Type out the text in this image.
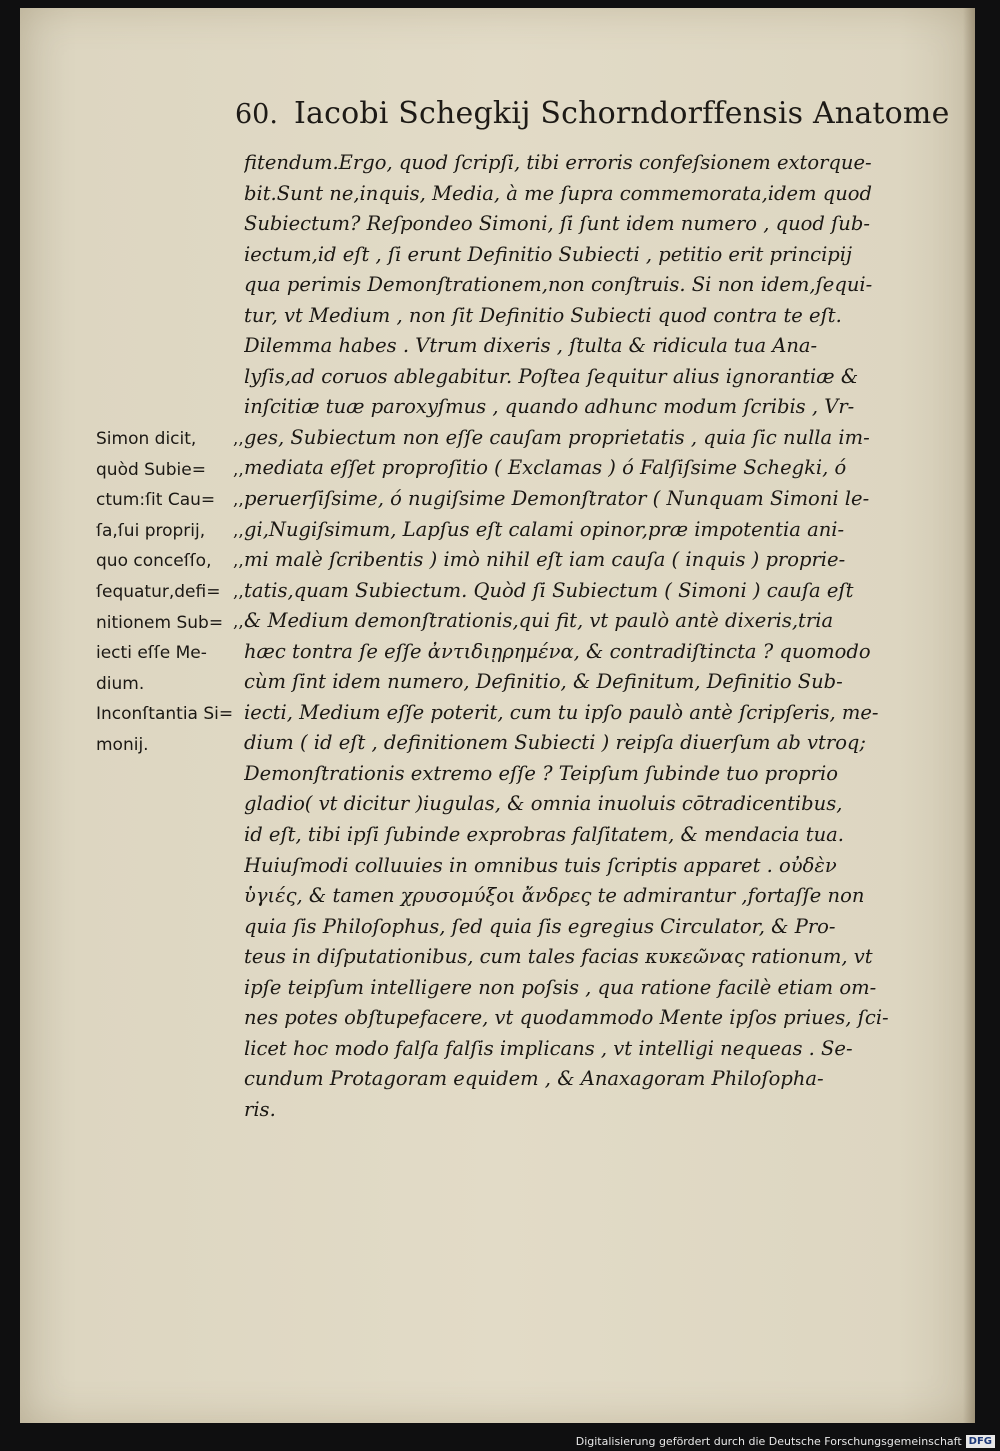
60. Iacobi Schegkij Schorndorffensis Anatome
fitendum.Ergo, quod ſcripſi, tibi erroris confeſsionem extorque-
bit.Sunt ne,inquis, Media, à me ſupra commemorata,idem quod
Subiectum? Reſpondeo Simoni, ſi ſunt idem numero , quod ſub-
iectum,id eſt , ſi erunt Definitio Subiecti , petitio erit principij
qua perimis Demonſtrationem,non conſtruis. Si non idem,ſequi-
tur, vt Medium , non ſit Definitio Subiecti quod contra te eſt.
Dilemma habes . Vtrum dixeris , ſtulta & ridicula tua Ana-
lyſis,ad coruos ablegabitur. Poſtea ſequitur alius ignorantiæ &
inſcitiæ tuæ paroxyſmus , quando adhunc modum ſcribis , Vr-
ges, Subiectum non eſſe cauſam proprietatis , quia ſic nulla im-
mediata eſſet proproſitio ( Exclamas ) ó Falſiſsime Schegki, ó
peruerſiſsime, ó nugiſsime Demonſtrator ( Nunquam Simoni le-
gi,Nugiſsimum, Lapſus eſt calami opinor,præ impotentia ani-
mi malè ſcribentis ) imò nihil eſt iam cauſa ( inquis ) proprie-
tatis,quam Subiectum. Quòd ſi Subiectum ( Simoni ) cauſa eſt
& Medium demonſtrationis,qui fit, vt paulò antè dixeris,tria
hæc tontra ſe eſſe ἀντιδιῃρημένα, & contradiſtincta ? quomodo
cùm ſint idem numero, Definitio, & Definitum, Definitio Sub-
iecti, Medium eſſe poterit, cum tu ipſo paulò antè ſcripſeris, me-
dium ( id eſt , definitionem Subiecti ) reipſa diuerſum ab vtroq;
Demonſtrationis extremo eſſe ? Teipſum ſubinde tuo proprio
gladio( vt dicitur )iugulas, & omnia inuoluis cōtradicentibus,
id eſt, tibi ipſi ſubinde exprobras falſitatem, & mendacia tua.
Huiuſmodi colluuies in omnibus tuis ſcriptis apparet . οὐδὲν
ὑγιές, & tamen χρυσομύξοι ἄνδρες te admirantur ,fortaſſe non
quia ſis Philoſophus, ſed quia ſis egregius Circulator, & Pro-
teus in diſputationibus, cum tales facias κυκεῶνας rationum, vt
ipſe teipſum intelligere non poſsis , qua ratione facilè etiam om-
nes potes obſtupefacere, vt quodammodo Mente ipſos priues, ſci-
licet hoc modo falſa falſis implicans , vt intelligi nequeas . Se-
cundum Protagoram equidem , & Anaxagoram Philoſopha-
ris.
,,
,,
,,
,,
,,
,,
,,
Simon dicit,
quòd Subie=
ctum:ſit Cau=
ſa,ſui proprij,
quo conceſſo,
ſequatur,defi=
nitionem Sub=
iecti eſſe Me-
dium.
Inconſtantia Si=
monij.
Digitalisierung gefördert durch die Deutsche Forschungsgemeinschaft DFG
